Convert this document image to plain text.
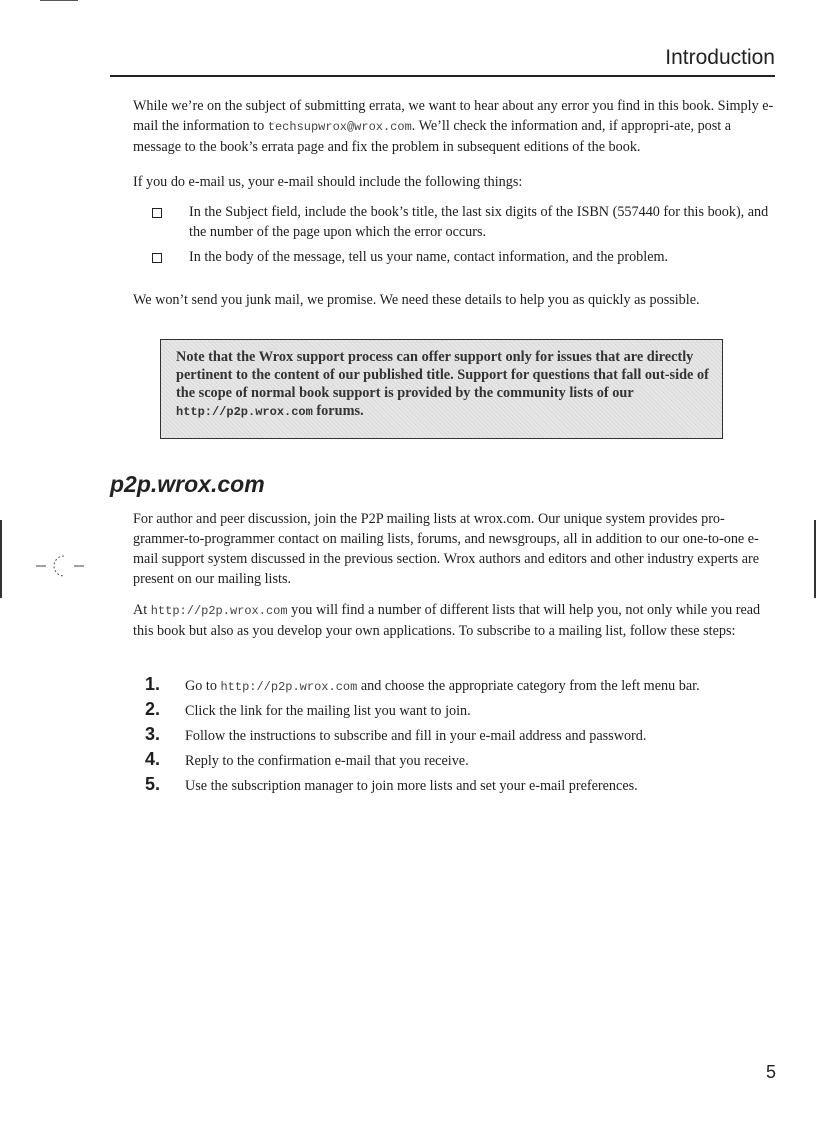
Introduction

While we’re on the subject of submitting errata, we want to hear about any error you find in this book. Simply e-mail the information to techsupwrox@wrox.com. We’ll check the information and, if appropri-ate, post a message to the book’s errata page and fix the problem in subsequent editions of the book.

If you do e-mail us, your e-mail should include the following things:

In the Subject field, include the book’s title, the last six digits of the ISBN (557440 for this book), and the number of the page upon which the error occurs.
In the body of the message, tell us your name, contact information, and the problem.

We won’t send you junk mail, we promise. We need these details to help you as quickly as possible.

Note that the Wrox support process can offer support only for issues that are directly pertinent to the content of our published title. Support for questions that fall out-side of the scope of normal book support is provided by the community lists of our http://p2p.wrox.com forums.
p2p.wrox.com

For author and peer discussion, join the P2P mailing lists at wrox.com. Our unique system provides pro-grammer-to-programmer contact on mailing lists, forums, and newsgroups, all in addition to our one-to-one e-mail support system discussed in the previous section. Wrox authors and editors and other industry experts are present on our mailing lists.

At http://p2p.wrox.com you will find a number of different lists that will help you, not only while you read this book but also as you develop your own applications. To subscribe to a mailing list, follow these steps:

1.	Go to http://p2p.wrox.com and choose the appropriate category from the left menu bar.
2.	Click the link for the mailing list you want to join.
3.	Follow the instructions to subscribe and fill in your e-mail address and password.
4.	Reply to the confirmation e-mail that you receive.
5.	Use the subscription manager to join more lists and set your e-mail preferences.
5
